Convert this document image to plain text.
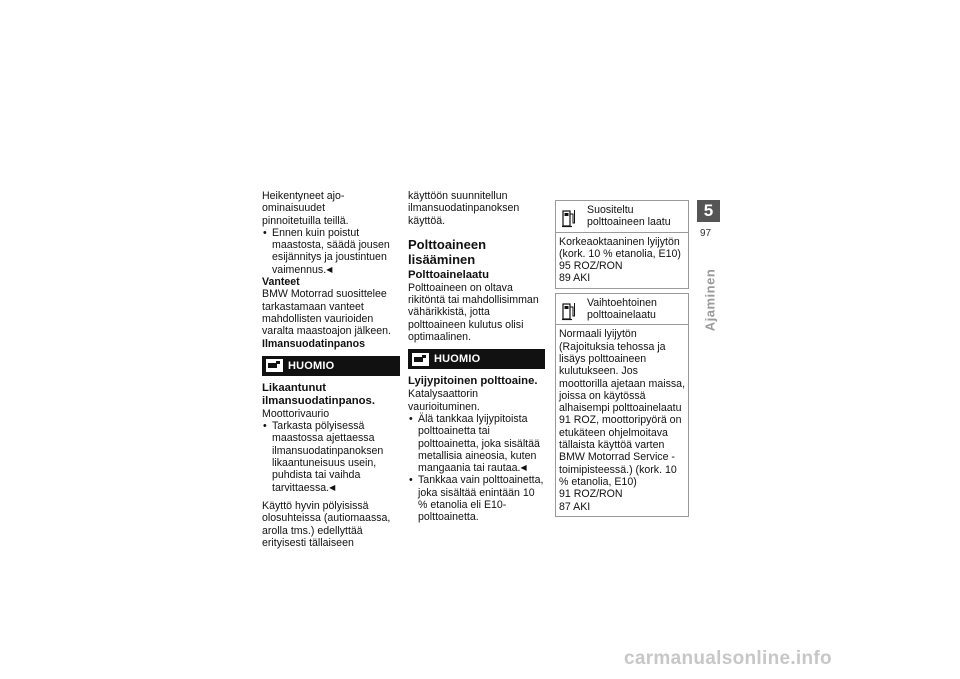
Heikentyneet ajo-ominaisuudet

pinnoitetuilla teillä.

• Ennen kuin poistut maastosta, säädä jousen esijännitys ja joustintuen vaimennus.◀

Vanteet

BMW Motorrad suosittelee tarkastamaan vanteet mahdollisten vaurioiden varalta maastoajon jälkeen.

Ilmansuodatinpanos

HUOMIO

Likaantunut ilmansuodatinpanos.

Moottorivaurio

• Tarkasta pölyisessä maastossa ajettaessa ilmansuodatinpanoksen likaantuneisuus usein, puhdista tai vaihda tarvittaessa.◀

Käyttö hyvin pölyisissä olosuhteissa (autiomaassa, arolla tms.) edellyttää erityisesti tällaiseen

käyttöön suunnitellun ilmansuodatinpanoksen käyttöä.

Polttoaineen lisääminen

Polttoainelaatu

Polttoaineen on oltava rikitöntä tai mahdollisimman vähärikkistä, jotta polttoaineen kulutus olisi optimaalinen.

HUOMIO

Lyijypitoinen polttoaine.

Katalysaattorin vaurioituminen.

• Älä tankkaa lyijypitoista polttoainetta tai polttoainetta, joka sisältää metallisia aineosia, kuten mangaania tai rautaa.◀

• Tankkaa vain polttoainetta, joka sisältää enintään 10 % etanolia eli E10-polttoainetta.

Suositeltu polttoaineen laatu

Korkeaoktaaninen lyijytön (kork. 10 % etanolia, E10)

95 ROZ/RON

89 AKI

Vaihtoehtoinen polttoainelaatu

Normaali lyijytön (Rajoituksia tehossa ja lisäys polttoaineen kulutukseen. Jos moottorilla ajetaan maissa, joissa on käytössä alhaisempi polttoainelaatu 91 ROZ, moottoripyörä on etukäteen ohjelmoitava tällaista käyttöä varten BMW Motorrad Service -toimipisteessä.) (kork. 10 % etanolia, E10)

91 ROZ/RON

87 AKI

5
97
Ajaminen
carmanualsonline.info
